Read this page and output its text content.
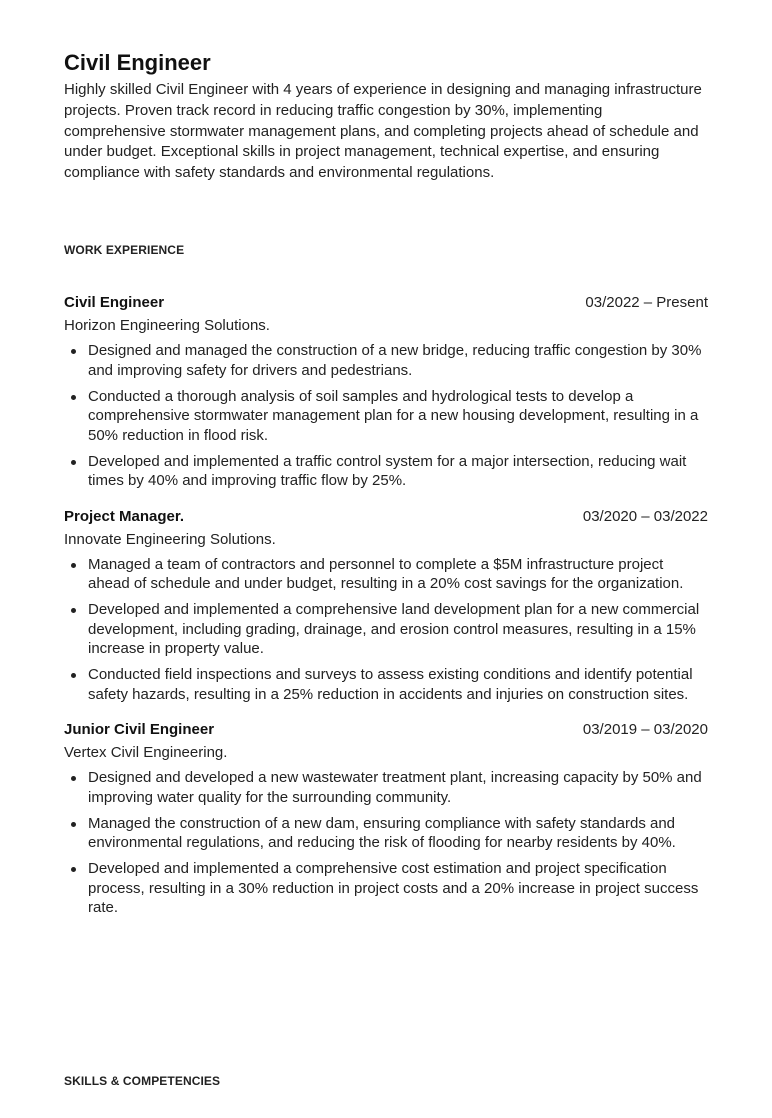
Civil Engineer

Highly skilled Civil Engineer with 4 years of experience in designing and managing infrastructure projects. Proven track record in reducing traffic congestion by 30%, implementing comprehensive stormwater management plans, and completing projects ahead of schedule and under budget. Exceptional skills in project management, technical expertise, and ensuring compliance with safety standards and environmental regulations.

WORK EXPERIENCE
Civil Engineer	03/2022 – Present
Horizon Engineering Solutions.
Designed and managed the construction of a new bridge, reducing traffic congestion by 30% and improving safety for drivers and pedestrians.
Conducted a thorough analysis of soil samples and hydrological tests to develop a comprehensive stormwater management plan for a new housing development, resulting in a 50% reduction in flood risk.
Developed and implemented a traffic control system for a major intersection, reducing wait times by 40% and improving traffic flow by 25%.
Project Manager.	03/2020 – 03/2022
Innovate Engineering Solutions.
Managed a team of contractors and personnel to complete a $5M infrastructure project ahead of schedule and under budget, resulting in a 20% cost savings for the organization.
Developed and implemented a comprehensive land development plan for a new commercial development, including grading, drainage, and erosion control measures, resulting in a 15% increase in property value.
Conducted field inspections and surveys to assess existing conditions and identify potential safety hazards, resulting in a 25% reduction in accidents and injuries on construction sites.
Junior Civil Engineer	03/2019 – 03/2020
Vertex Civil Engineering.
Designed and developed a new wastewater treatment plant, increasing capacity by 50% and improving water quality for the surrounding community.
Managed the construction of a new dam, ensuring compliance with safety standards and environmental regulations, and reducing the risk of flooding for nearby residents by 40%.
Developed and implemented a comprehensive cost estimation and project specification process, resulting in a 30% reduction in project costs and a 20% increase in project success rate.
SKILLS & COMPETENCIES
